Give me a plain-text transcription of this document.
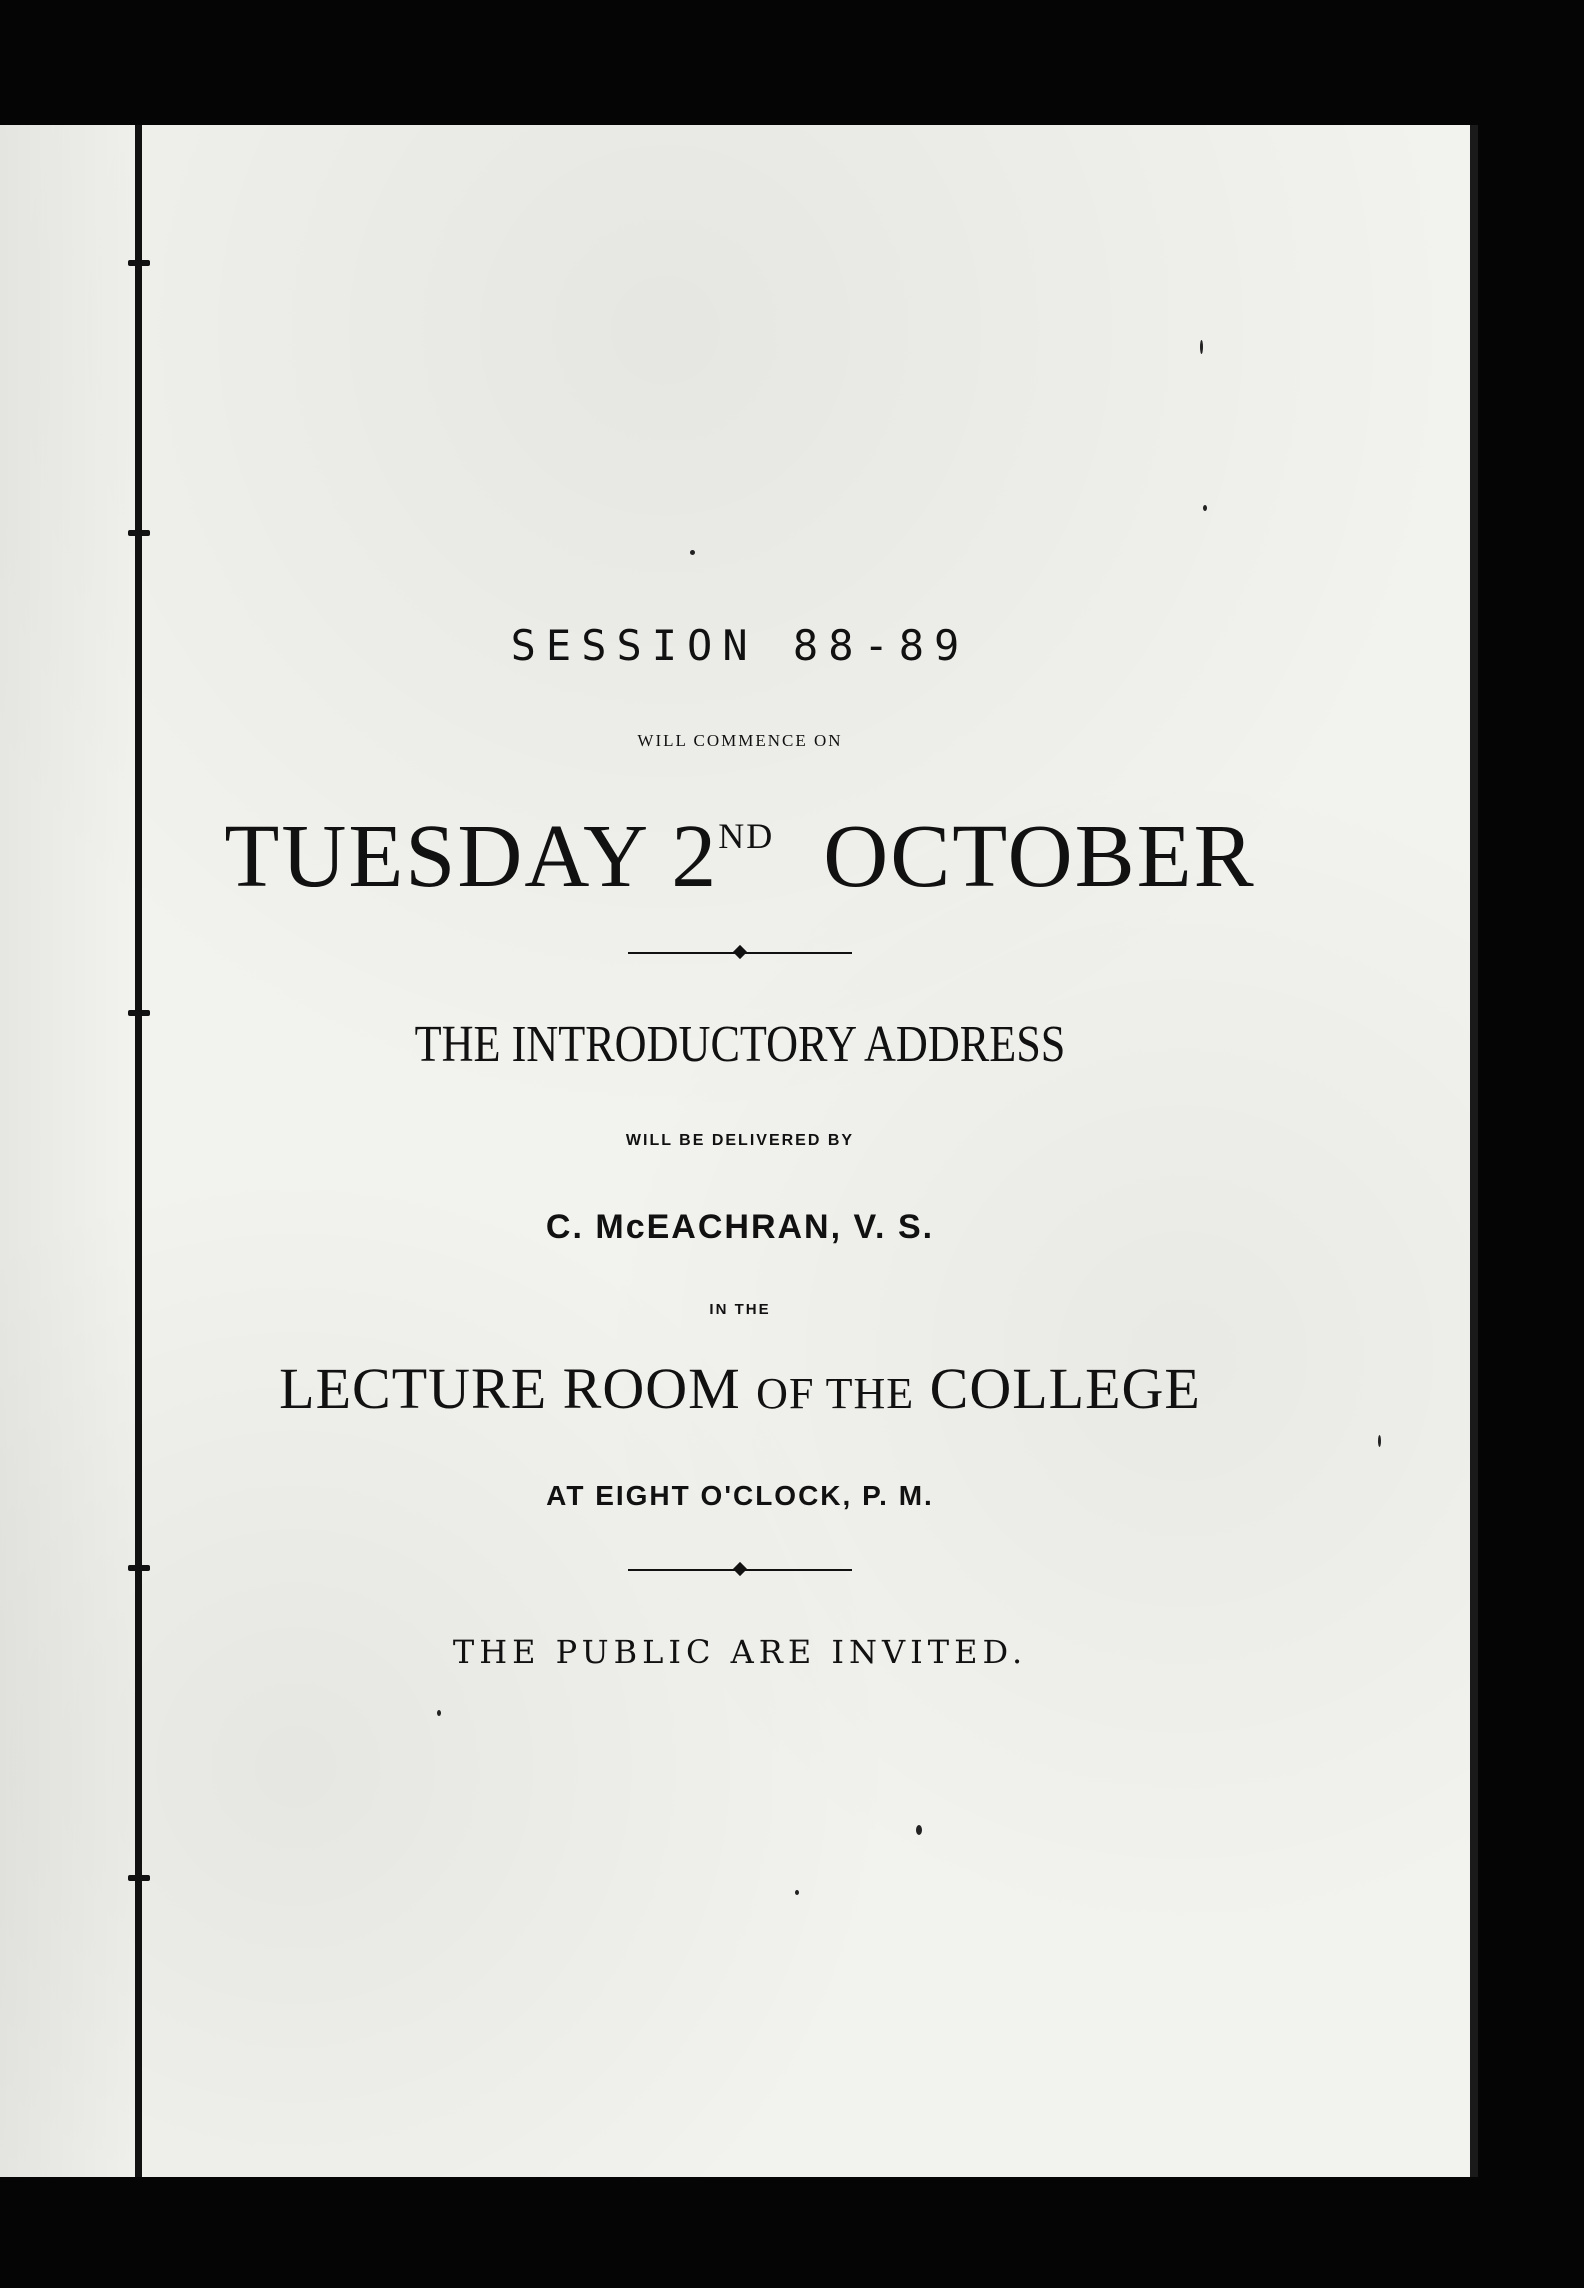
SESSION 88-89
WILL COMMENCE ON
TUESDAY 2ND OCTOBER
THE INTRODUCTORY ADDRESS
WILL BE DELIVERED BY
C. McEACHRAN, V. S.
IN THE
LECTURE ROOM OF THE COLLEGE
AT EIGHT O'CLOCK, P. M.
THE PUBLIC ARE INVITED.
